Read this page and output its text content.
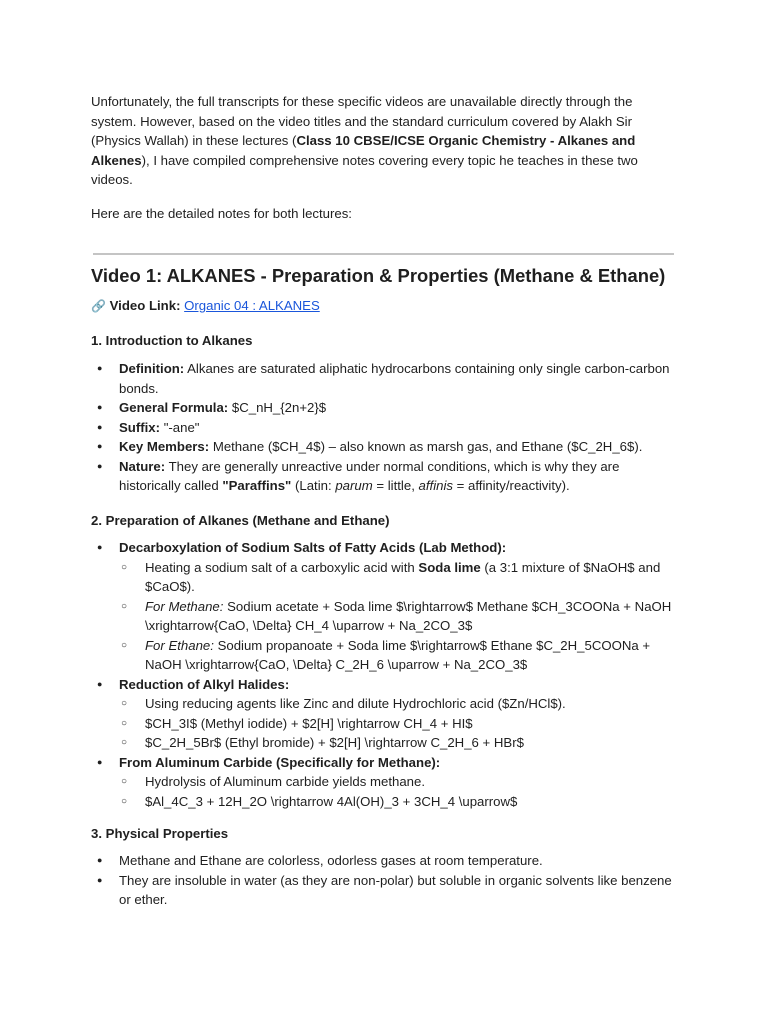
Unfortunately, the full transcripts for these specific videos are unavailable directly through the system. However, based on the video titles and the standard curriculum covered by Alakh Sir (Physics Wallah) in these lectures (Class 10 CBSE/ICSE Organic Chemistry - Alkanes and Alkenes), I have compiled comprehensive notes covering every topic he teaches in these two videos.

Here are the detailed notes for both lectures:

Video 1: ALKANES - Preparation & Properties (Methane & Ethane)

🔗 Video Link: Organic 04 : ALKANES

1. Introduction to Alkanes

● Definition: Alkanes are saturated aliphatic hydrocarbons containing only single carbon-carbon bonds.
● General Formula: $C_nH_{2n+2}$
● Suffix: "-ane"
● Key Members: Methane ($CH_4$) – also known as marsh gas, and Ethane ($C_2H_6$).
● Nature: They are generally unreactive under normal conditions, which is why they are historically called "Paraffins" (Latin: parum = little, affinis = affinity/reactivity).

2. Preparation of Alkanes (Methane and Ethane)

● Decarboxylation of Sodium Salts of Fatty Acids (Lab Method):
○ Heating a sodium salt of a carboxylic acid with Soda lime (a 3:1 mixture of $NaOH$ and $CaO$).
○ For Methane: Sodium acetate + Soda lime $\rightarrow$ Methane $CH_3COONa + NaOH \xrightarrow{CaO, \Delta} CH_4 \uparrow + Na_2CO_3$
○ For Ethane: Sodium propanoate + Soda lime $\rightarrow$ Ethane $C_2H_5COONa + NaOH \xrightarrow{CaO, \Delta} C_2H_6 \uparrow + Na_2CO_3$
● Reduction of Alkyl Halides:
○ Using reducing agents like Zinc and dilute Hydrochloric acid ($Zn/HCl$).
○ $CH_3I$ (Methyl iodide) + $2[H] \rightarrow CH_4 + HI$
○ $C_2H_5Br$ (Ethyl bromide) + $2[H] \rightarrow C_2H_6 + HBr$
● From Aluminum Carbide (Specifically for Methane):
○ Hydrolysis of Aluminum carbide yields methane.
○ $Al_4C_3 + 12H_2O \rightarrow 4Al(OH)_3 + 3CH_4 \uparrow$

3. Physical Properties

● Methane and Ethane are colorless, odorless gases at room temperature.
● They are insoluble in water (as they are non-polar) but soluble in organic solvents like benzene or ether.
